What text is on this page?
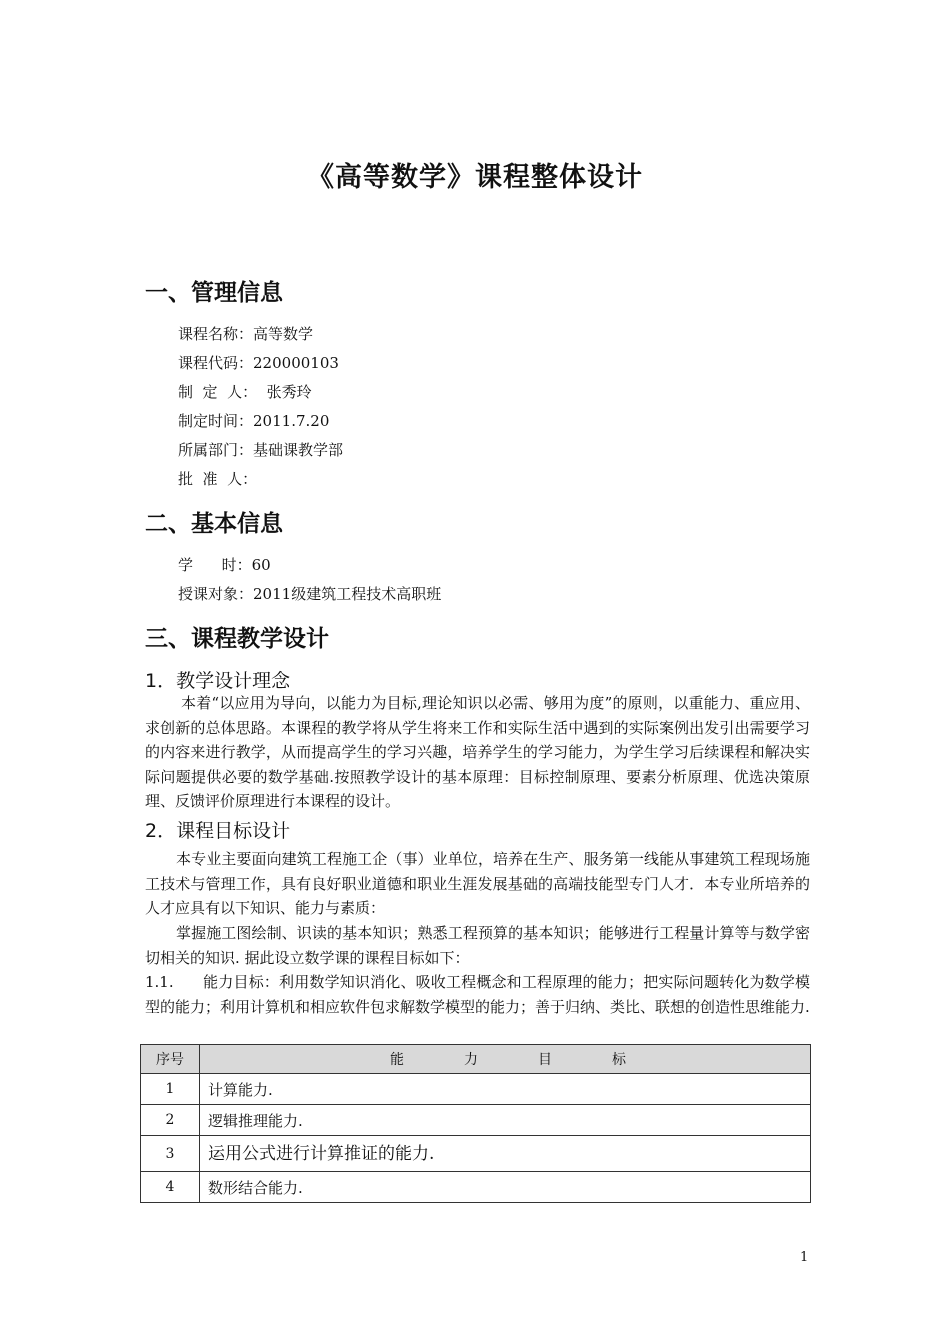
《高等数学》课程整体设计
一、管理信息
课程名称：高等数学
课程代码：220000103
制  定  人：  张秀玲
制定时间：2011.7.20
所属部门：基础课教学部
批  准  人：
二、基本信息
学      时：60
授课对象：2011级建筑工程技术高职班
三、课程教学设计
1．教学设计理念
本着“以应用为导向，以能力为目标,理论知识以必需、够用为度”的原则，以重能力、重应用、求创新的总体思路。本课程的教学将从学生将来工作和实际生活中遇到的实际案例出发引出需要学习的内容来进行教学，从而提高学生的学习兴趣，培养学生的学习能力，为学生学习后续课程和解决实际问题提供必要的数学基础.按照教学设计的基本原理：目标控制原理、要素分析原理、优选决策原理、反馈评价原理进行本课程的设计。
2．课程目标设计
本专业主要面向建筑工程施工企（事）业单位，培养在生产、服务第一线能从事建筑工程现场施工技术与管理工作，具有良好职业道德和职业生涯发展基础的高端技能型专门人才．本专业所培养的人才应具有以下知识、能力与素质：
掌握施工图绘制、识读的基本知识；熟悉工程预算的基本知识；能够进行工程量计算等与数学密切相关的知识. 据此设立数学课的课程目标如下：
1.1. 能力目标：利用数学知识消化、吸收工程概念和工程原理的能力；把实际问题转化为数学模型的能力；利用计算机和相应软件包求解数学模型的能力；善于归纳、类比、联想的创造性思维能力.
序号	能 力 目 标

1	计算能力.
2	逻辑推理能力.
3	运用公式进行计算推证的能力.
4	数形结合能力.
1
